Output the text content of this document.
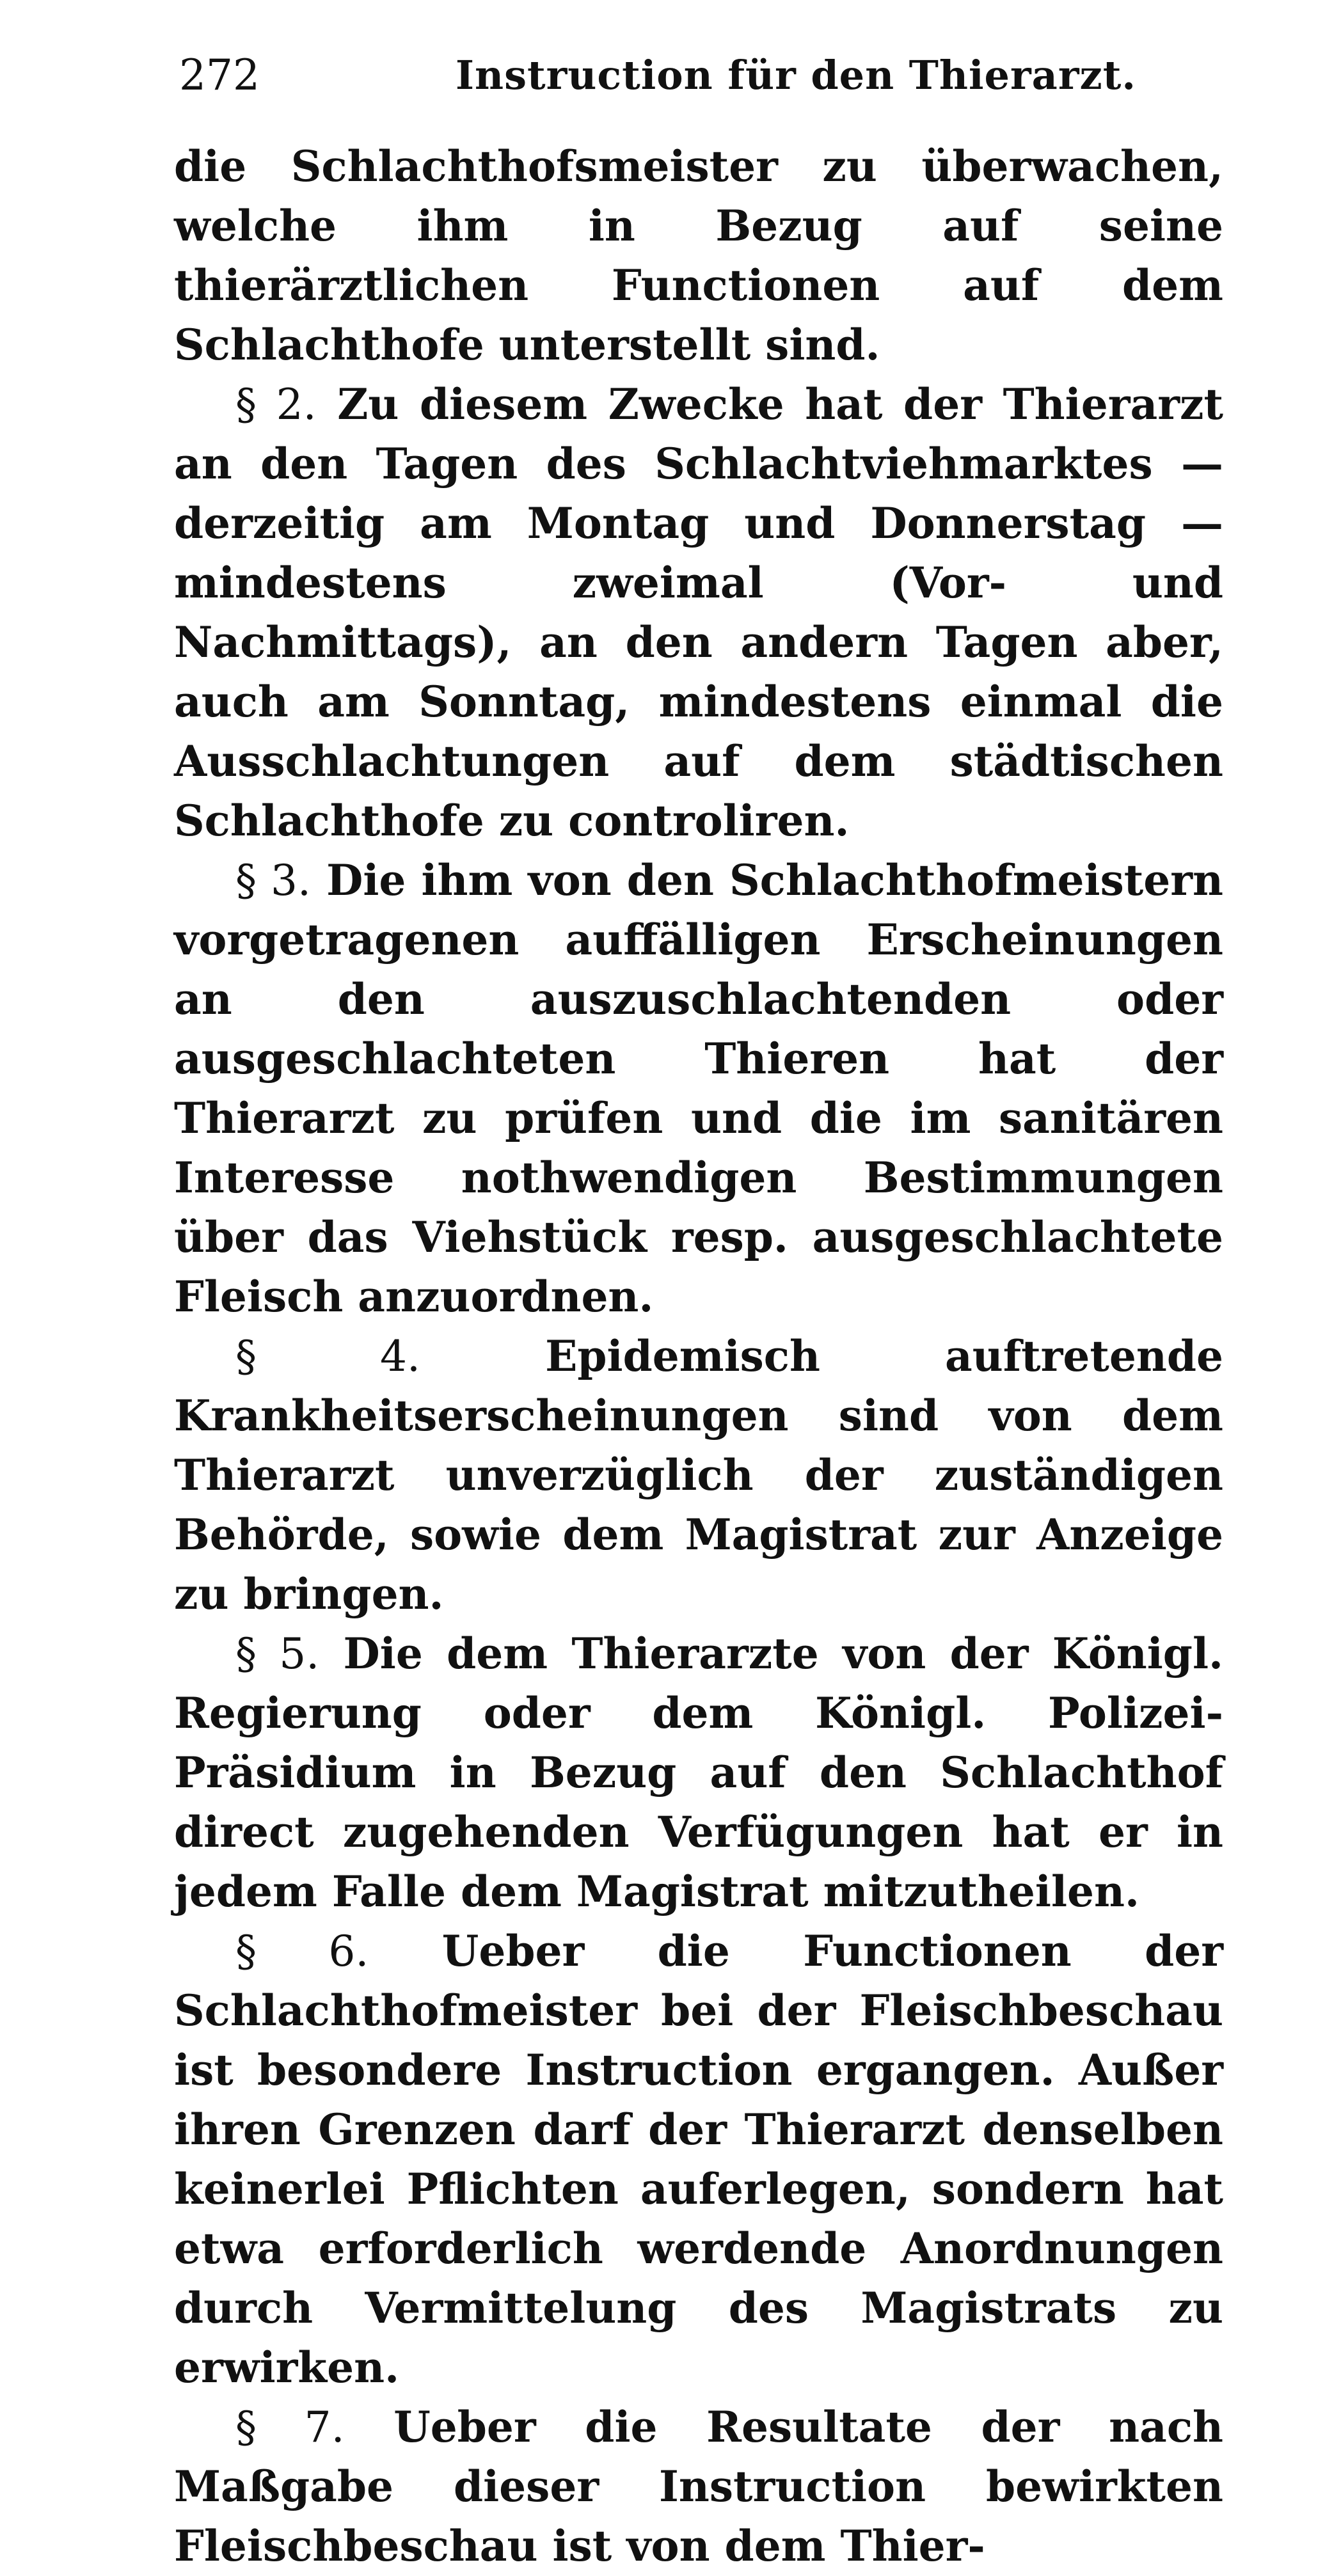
272	Instruction für den Thierarzt.

die Schlachthofsmeister zu überwachen, welche ihm in Bezug auf seine thierärztlichen Functionen auf dem Schlachthofe unterstellt sind.

§ 2. Zu diesem Zwecke hat der Thierarzt an den Tagen des Schlachtviehmarktes — derzeitig am Montag und Donnerstag — mindestens zweimal (Vor- und Nachmittags), an den andern Tagen aber, auch am Sonntag, mindestens einmal die Ausschlachtungen auf dem städtischen Schlachthofe zu controliren.

§ 3. Die ihm von den Schlachthofmeistern vorgetragenen auffälligen Erscheinungen an den auszuschlachtenden oder ausgeschlachteten Thieren hat der Thierarzt zu prüfen und die im sanitären Interesse nothwendigen Bestimmungen über das Viehstück resp. ausgeschlachtete Fleisch anzuordnen.

§ 4.	Epidemisch auftretende Krankheitserscheinungen sind von dem Thierarzt unverzüglich der zuständigen Behörde, sowie dem Magistrat zur Anzeige zu bringen.

§ 5. Die dem Thierarzte von der Königl. Regierung oder dem Königl. Polizei-Präsidium in Bezug auf den Schlachthof direct zugehenden Verfügungen hat er in jedem Falle dem Magistrat mitzutheilen.

§ 6. Ueber die Functionen der Schlachthofmeister bei der Fleischbeschau ist besondere Instruction ergangen. Außer ihren Grenzen darf der Thierarzt denselben keinerlei Pflichten auferlegen, sondern hat etwa erforderlich werdende Anordnungen durch Vermittelung des Magistrats zu erwirken.

§ 7. Ueber die Resultate der nach Maßgabe dieser Instruction bewirkten Fleischbeschau ist von dem Thier-
